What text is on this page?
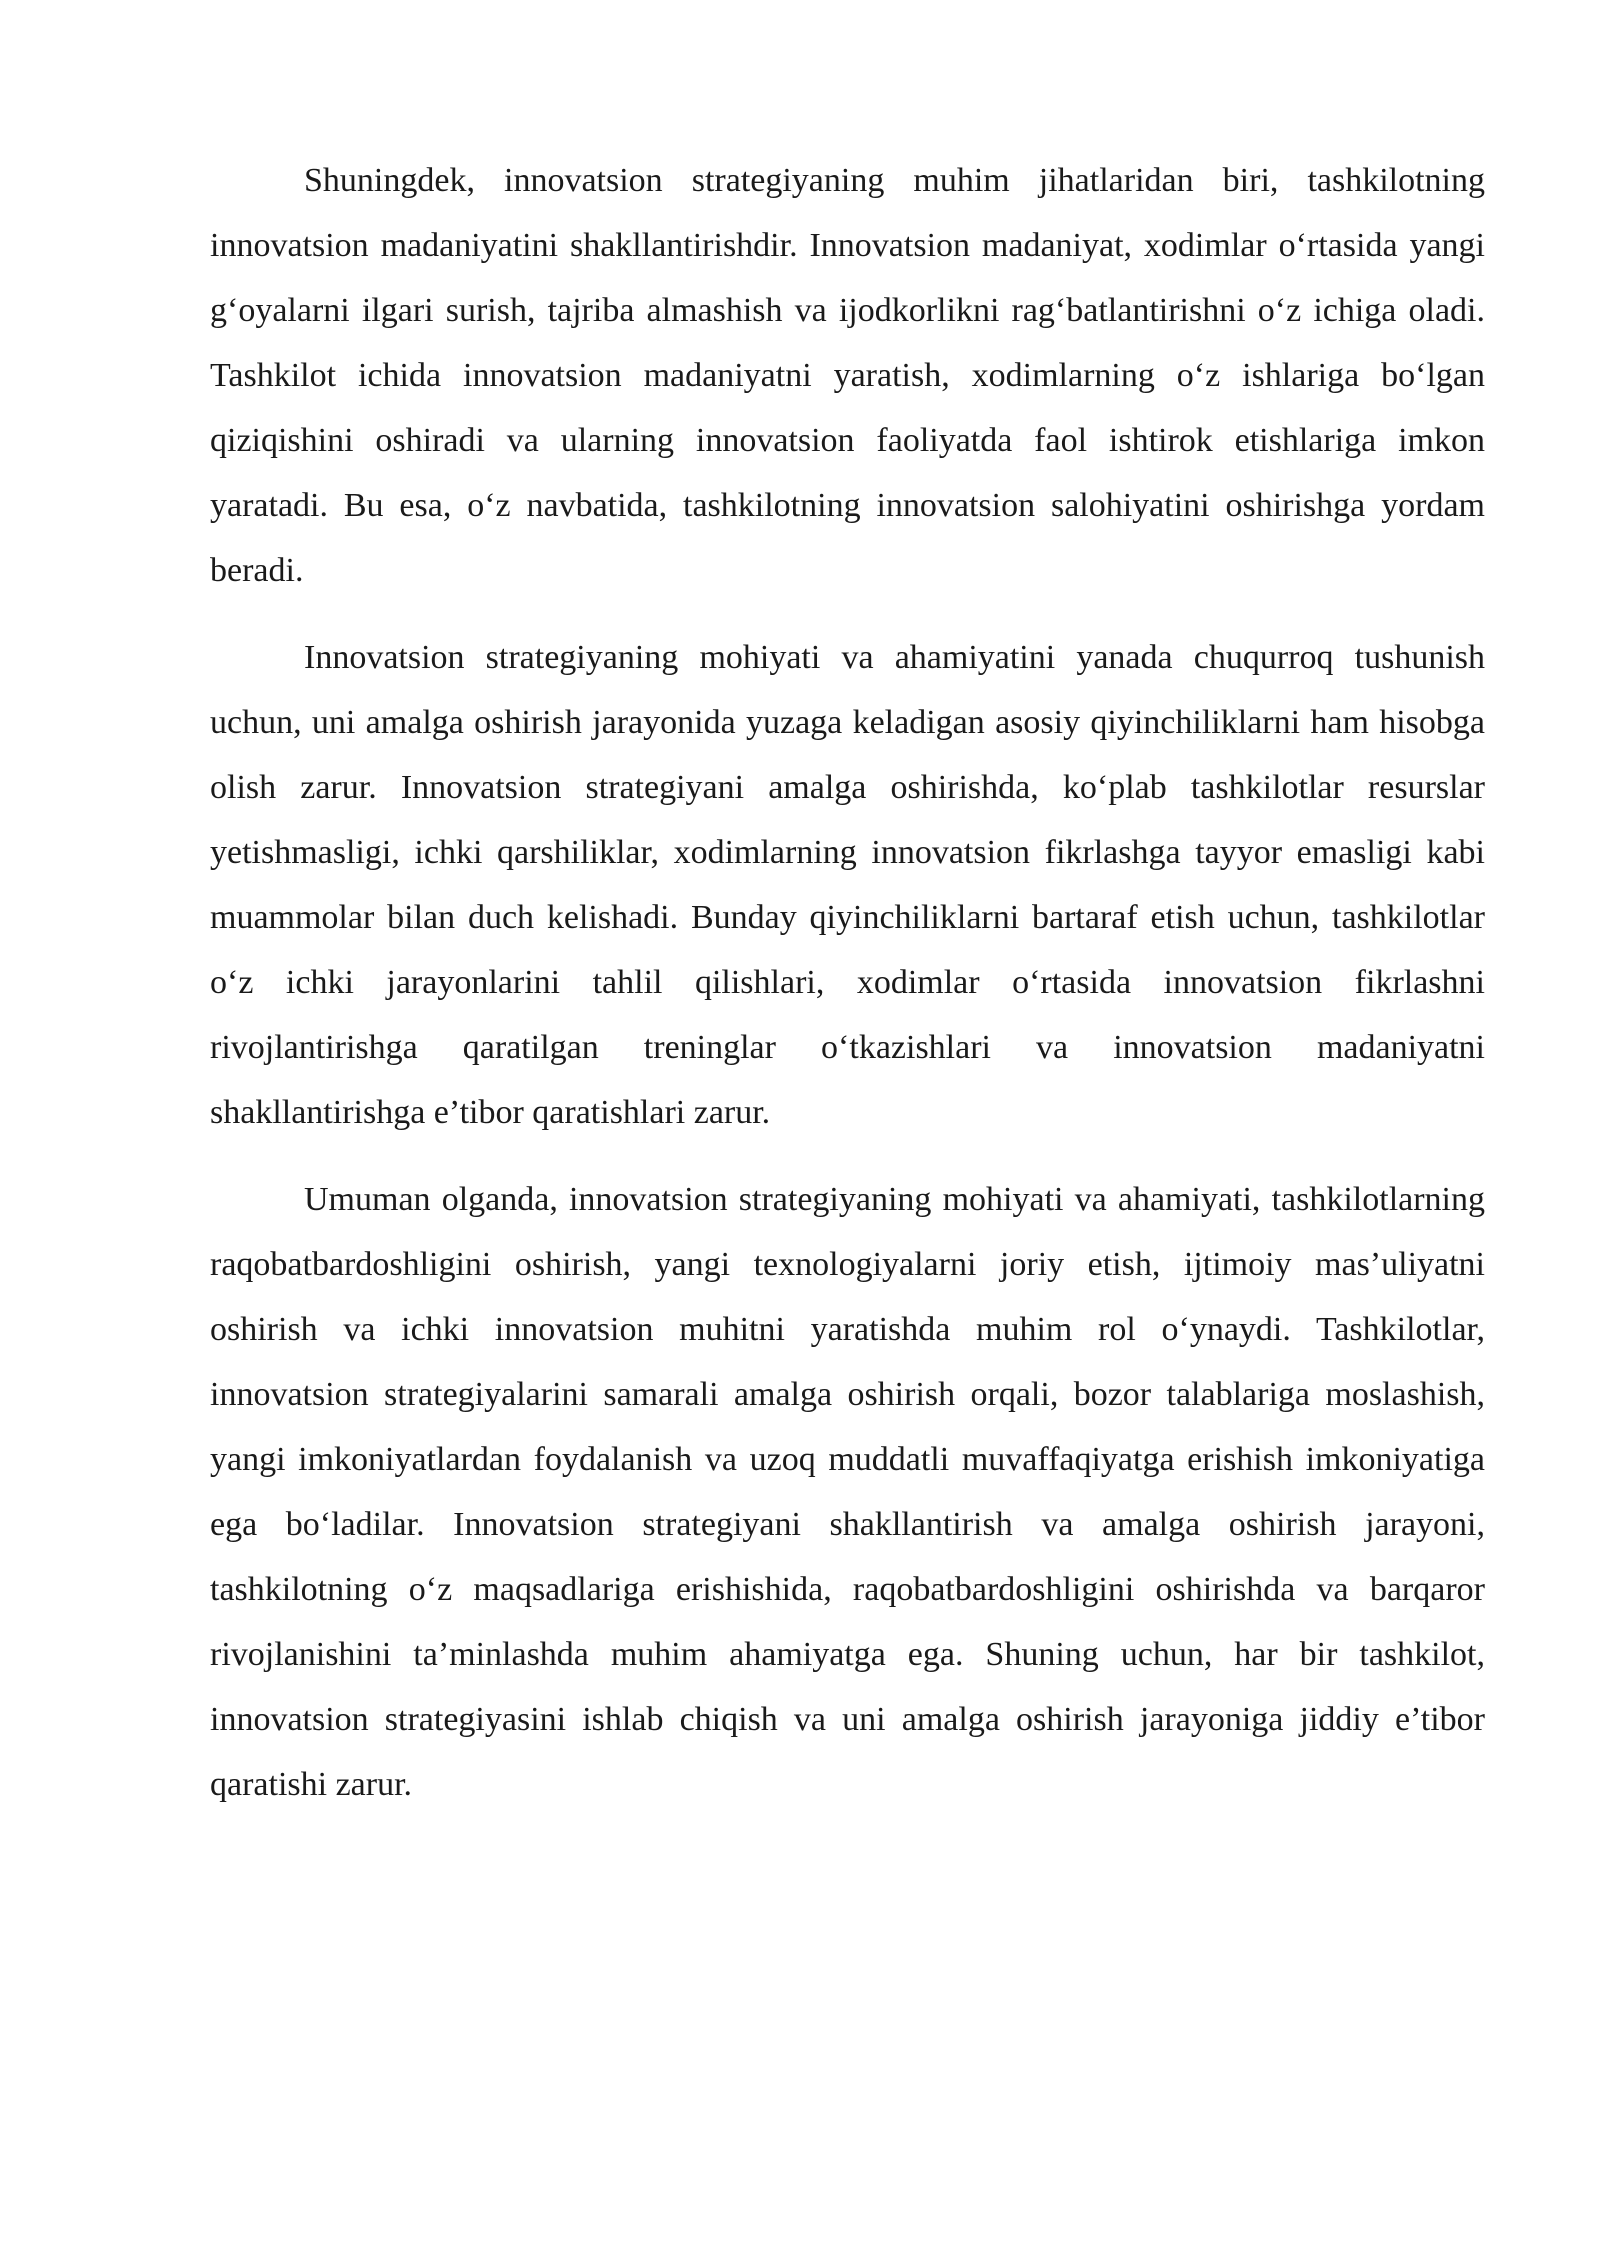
Shuningdek, innovatsion strategiyaning muhim jihatlaridan biri, tashkilotning innovatsion madaniyatini shakllantirishdir. Innovatsion madaniyat, xodimlar o‘rtasida yangi g‘oyalarni ilgari surish, tajriba almashish va ijodkorlikni rag‘batlantirishni o‘z ichiga oladi. Tashkilot ichida innovatsion madaniyatni yaratish, xodimlarning o‘z ishlariga bo‘lgan qiziqishini oshiradi va ularning innovatsion faoliyatda faol ishtirok etishlariga imkon yaratadi. Bu esa, o‘z navbatida, tashkilotning innovatsion salohiyatini oshirishga yordam beradi.

Innovatsion strategiyaning mohiyati va ahamiyatini yanada chuqurroq tushunish uchun, uni amalga oshirish jarayonida yuzaga keladigan asosiy qiyinchiliklarni ham hisobga olish zarur. Innovatsion strategiyani amalga oshirishda, ko‘plab tashkilotlar resurslar yetishmasligi, ichki qarshiliklar, xodimlarning innovatsion fikrlashga tayyor emasligi kabi muammolar bilan duch kelishadi. Bunday qiyinchiliklarni bartaraf etish uchun, tashkilotlar o‘z ichki jarayonlarini tahlil qilishlari, xodimlar o‘rtasida innovatsion fikrlashni rivojlantirishga qaratilgan treninglar o‘tkazishlari va innovatsion madaniyatni shakllantirishga e’tibor qaratishlari zarur.

Umuman olganda, innovatsion strategiyaning mohiyati va ahamiyati, tashkilotlarning raqobatbardoshligini oshirish, yangi texnologiyalarni joriy etish, ijtimoiy mas’uliyatni oshirish va ichki innovatsion muhitni yaratishda muhim rol o‘ynaydi. Tashkilotlar, innovatsion strategiyalarini samarali amalga oshirish orqali, bozor talablariga moslashish, yangi imkoniyatlardan foydalanish va uzoq muddatli muvaffaqiyatga erishish imkoniyatiga ega bo‘ladilar. Innovatsion strategiyani shakllantirish va amalga oshirish jarayoni, tashkilotning o‘z maqsadlariga erishishida, raqobatbardoshligini oshirishda va barqaror rivojlanishini ta’minlashda muhim ahamiyatga ega. Shuning uchun, har bir tashkilot, innovatsion strategiyasini ishlab chiqish va uni amalga oshirish jarayoniga jiddiy e’tibor qaratishi zarur.
